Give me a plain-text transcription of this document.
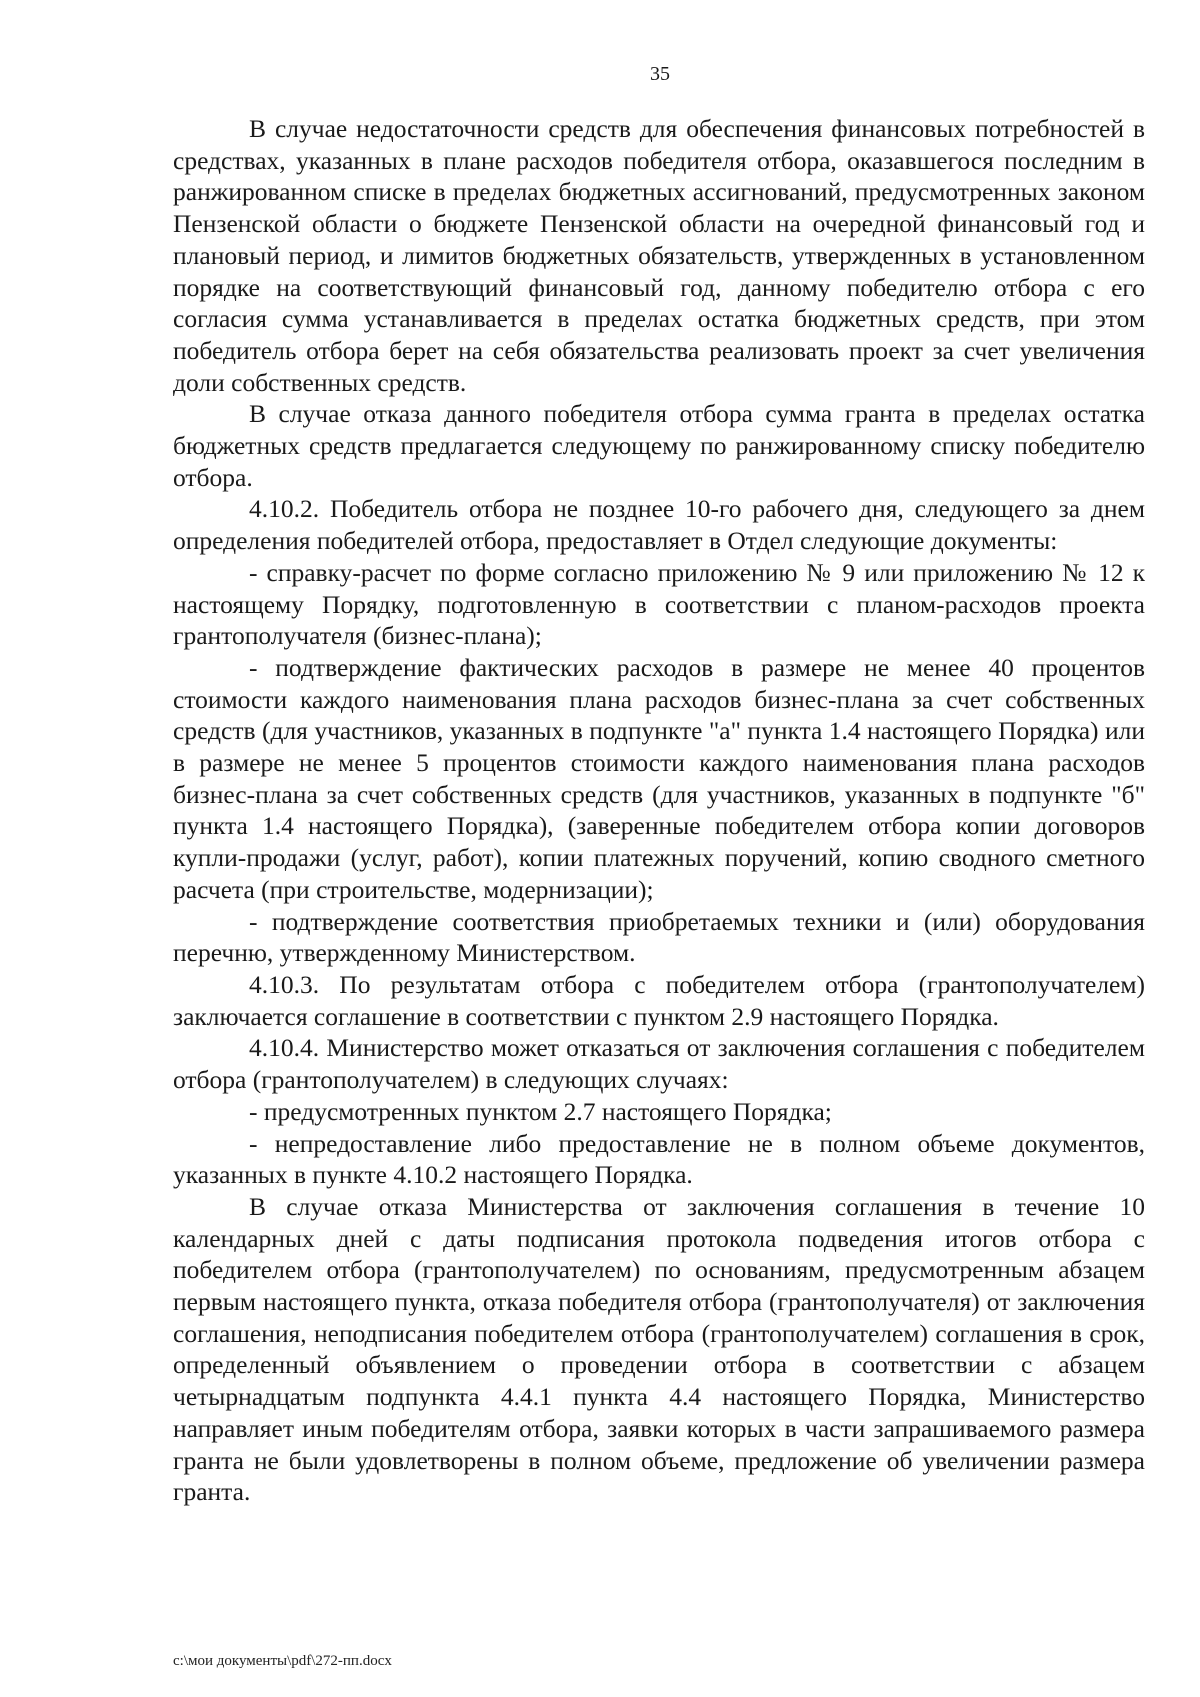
35

В случае недостаточности средств для обеспечения финансовых потребностей в средствах, указанных в плане расходов победителя отбора, оказавшегося последним в ранжированном списке в пределах бюджетных ассигнований, предусмотренных законом Пензенской области о бюджете Пензенской области на очередной финансовый год и плановый период, и лимитов бюджетных обязательств, утвержденных в установленном порядке на соответствующий финансовый год, данному победителю отбора с его согласия сумма устанавливается в пределах остатка бюджетных средств, при этом победитель отбора берет на себя обязательства реализовать проект за счет увеличения доли собственных средств.

В случае отказа данного победителя отбора сумма гранта в пределах остатка бюджетных средств предлагается следующему по ранжированному списку победителю отбора.

4.10.2. Победитель отбора не позднее 10-го рабочего дня, следующего за днем определения победителей отбора, предоставляет в Отдел следующие документы:

- справку-расчет по форме согласно приложению № 9 или приложению № 12 к настоящему Порядку, подготовленную в соответствии с планом-расходов проекта грантополучателя (бизнес-плана);

- подтверждение фактических расходов в размере не менее 40 процентов стоимости каждого наименования плана расходов бизнес-плана за счет собственных средств (для участников, указанных в подпункте "а" пункта 1.4 настоящего Порядка) или в размере не менее 5 процентов стоимости каждого наименования плана расходов бизнес-плана за счет собственных средств (для участников, указанных в подпункте "б" пункта 1.4 настоящего Порядка), (заверенные победителем отбора копии договоров купли-продажи (услуг, работ), копии платежных поручений, копию сводного сметного расчета (при строительстве, модернизации);

- подтверждение соответствия приобретаемых техники и (или) оборудования перечню, утвержденному Министерством.

4.10.3. По результатам отбора с победителем отбора (грантополучателем) заключается соглашение в соответствии с пунктом 2.9 настоящего Порядка.

4.10.4. Министерство может отказаться от заключения соглашения с победителем отбора (грантополучателем) в следующих случаях:

- предусмотренных пунктом 2.7 настоящего Порядка;

- непредоставление либо предоставление не в полном объеме документов, указанных в пункте 4.10.2 настоящего Порядка.

В случае отказа Министерства от заключения соглашения в течение 10 календарных дней с даты подписания протокола подведения итогов отбора с победителем отбора (грантополучателем) по основаниям, предусмотренным абзацем первым настоящего пункта, отказа победителя отбора (грантополучателя) от заключения соглашения, неподписания победителем отбора (грантополучателем) соглашения в срок, определенный объявлением о проведении отбора в соответствии с абзацем четырнадцатым подпункта 4.4.1 пункта 4.4 настоящего Порядка, Министерство направляет иным победителям отбора, заявки которых в части запрашиваемого размера гранта не были удовлетворены в полном объеме, предложение об увеличении размера гранта.

c:\мои документы\pdf\272-пп.docx
